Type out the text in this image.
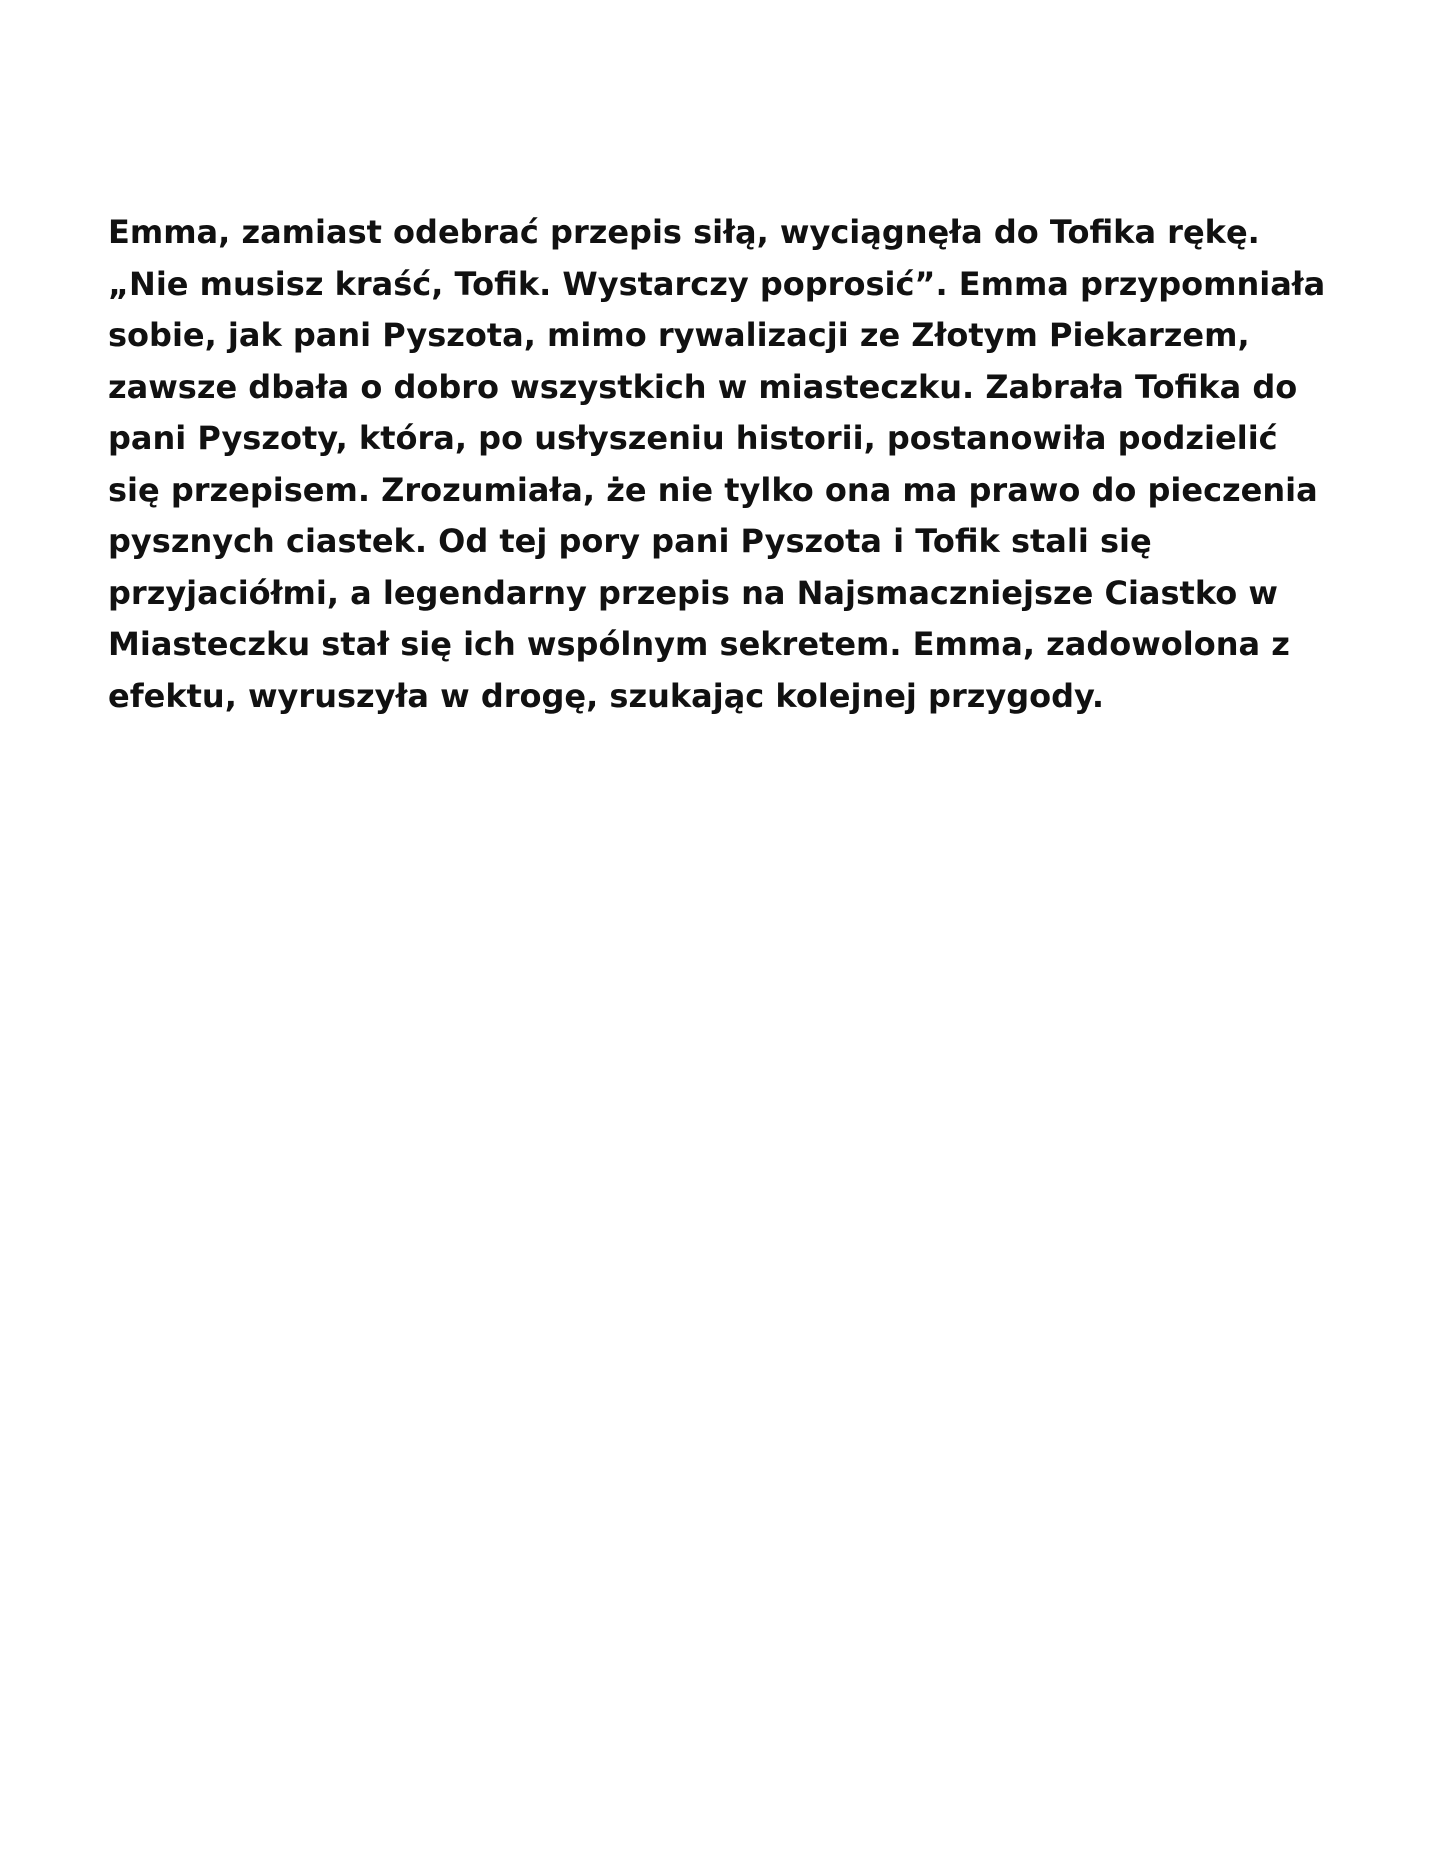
Emma, zamiast odebrać przepis siłą, wyciągnęła do Tofika rękę.
„Nie musisz kraść, Tofik. Wystarczy poprosić”. Emma przypomniała
sobie, jak pani Pyszota, mimo rywalizacji ze Złotym Piekarzem,
zawsze dbała o dobro wszystkich w miasteczku. Zabrała Tofika do
pani Pyszoty, która, po usłyszeniu historii, postanowiła podzielić
się przepisem. Zrozumiała, że nie tylko ona ma prawo do pieczenia
pysznych ciastek. Od tej pory pani Pyszota i Tofik stali się
przyjaciółmi, a legendarny przepis na Najsmaczniejsze Ciastko w
Miasteczku stał się ich wspólnym sekretem. Emma, zadowolona z
efektu, wyruszyła w drogę, szukając kolejnej przygody.
